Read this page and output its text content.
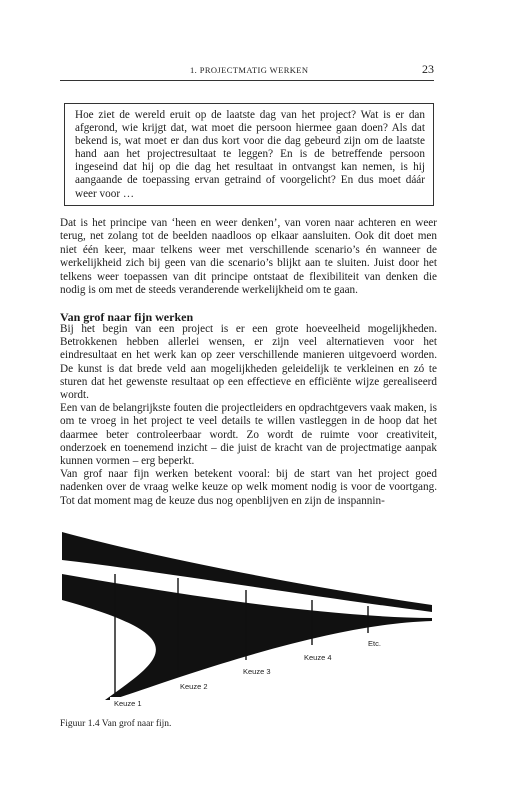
1. PROJECTMATIG WERKEN	23
Hoe ziet de wereld eruit op de laatste dag van het project? Wat is er dan afgerond, wie krijgt dat, wat moet die persoon hiermee gaan doen? Als dat bekend is, wat moet er dan dus kort voor die dag gebeurd zijn om de laatste hand aan het projectresultaat te leggen? En is de betreffende persoon ingeseind dat hij op die dag het resultaat in ontvangst kan nemen, is hij aangaande de toepassing ervan getraind of voorgelicht? En dus moet dáár weer voor …

Dat is het principe van ‘heen en weer denken’, van voren naar achteren en weer terug, net zolang tot de beelden naadloos op elkaar aansluiten. Ook dit doet men niet één keer, maar telkens weer met verschillende scenario’s én wanneer de werkelijkheid zich bij geen van die scenario’s blijkt aan te sluiten. Juist door het telkens weer toepassen van dit principe ontstaat de flexibiliteit van denken die nodig is om met de steeds veranderende werkelijkheid om te gaan.

Van grof naar fijn werken
Bij het begin van een project is er een grote hoeveelheid mogelijkheden. Betrokkenen hebben allerlei wensen, er zijn veel alternatieven voor het eindresultaat en het werk kan op zeer verschillende manieren uitgevoerd worden. De kunst is dat brede veld aan mogelijkheden geleidelijk te verkleinen en zó te sturen dat het gewenste resultaat op een effectieve en efficiënte wijze gerealiseerd wordt.
Een van de belangrijkste fouten die projectleiders en opdrachtgevers vaak maken, is om te vroeg in het project te veel details te willen vastleggen in de hoop dat het daarmee beter controleerbaar wordt. Zo wordt de ruimte voor creativiteit, onderzoek en toenemend inzicht – die juist de kracht van de projectmatige aanpak kunnen vormen – erg beperkt.
Van grof naar fijn werken betekent vooral: bij de start van het project goed nadenken over de vraag welke keuze op welk moment nodig is voor de voortgang. Tot dat moment mag de keuze dus nog openblijven en zijn de inspannin-
Keuze 1
Keuze 2
Keuze 3
Keuze 4
Etc.
Figuur 1.4 Van grof naar fijn.
